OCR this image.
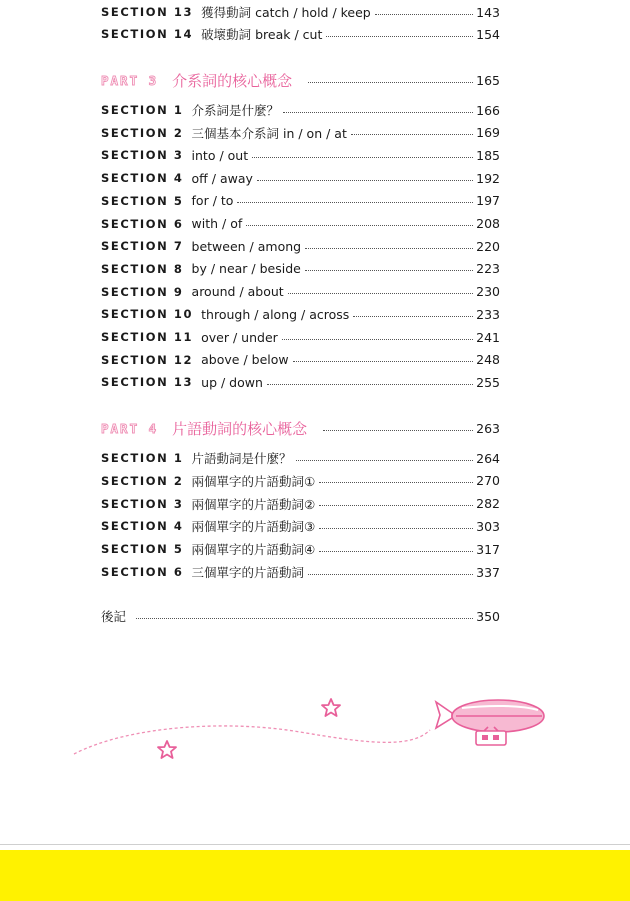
SECTION 13 獲得動詞 catch / hold / keep	143
SECTION 14 破壞動詞 break / cut	154
PART 3 介系詞的核心概念	165
SECTION 1 介系詞是什麼？	166
SECTION 2 三個基本介系詞 in / on / at	169
SECTION 3 into / out	185
SECTION 4 off / away	192
SECTION 5 for / to	197
SECTION 6 with / of	208
SECTION 7 between / among	220
SECTION 8 by / near / beside	223
SECTION 9 around / about	230
SECTION 10 through / along / across	233
SECTION 11 over / under	241
SECTION 12 above / below	248
SECTION 13 up / down	255
PART 4 片語動詞的核心概念	263
SECTION 1 片語動詞是什麼？	264
SECTION 2 兩個單字的片語動詞①	270
SECTION 3 兩個單字的片語動詞②	282
SECTION 4 兩個單字的片語動詞③	303
SECTION 5 兩個單字的片語動詞④	317
SECTION 6 三個單字的片語動詞	337
後記	350
